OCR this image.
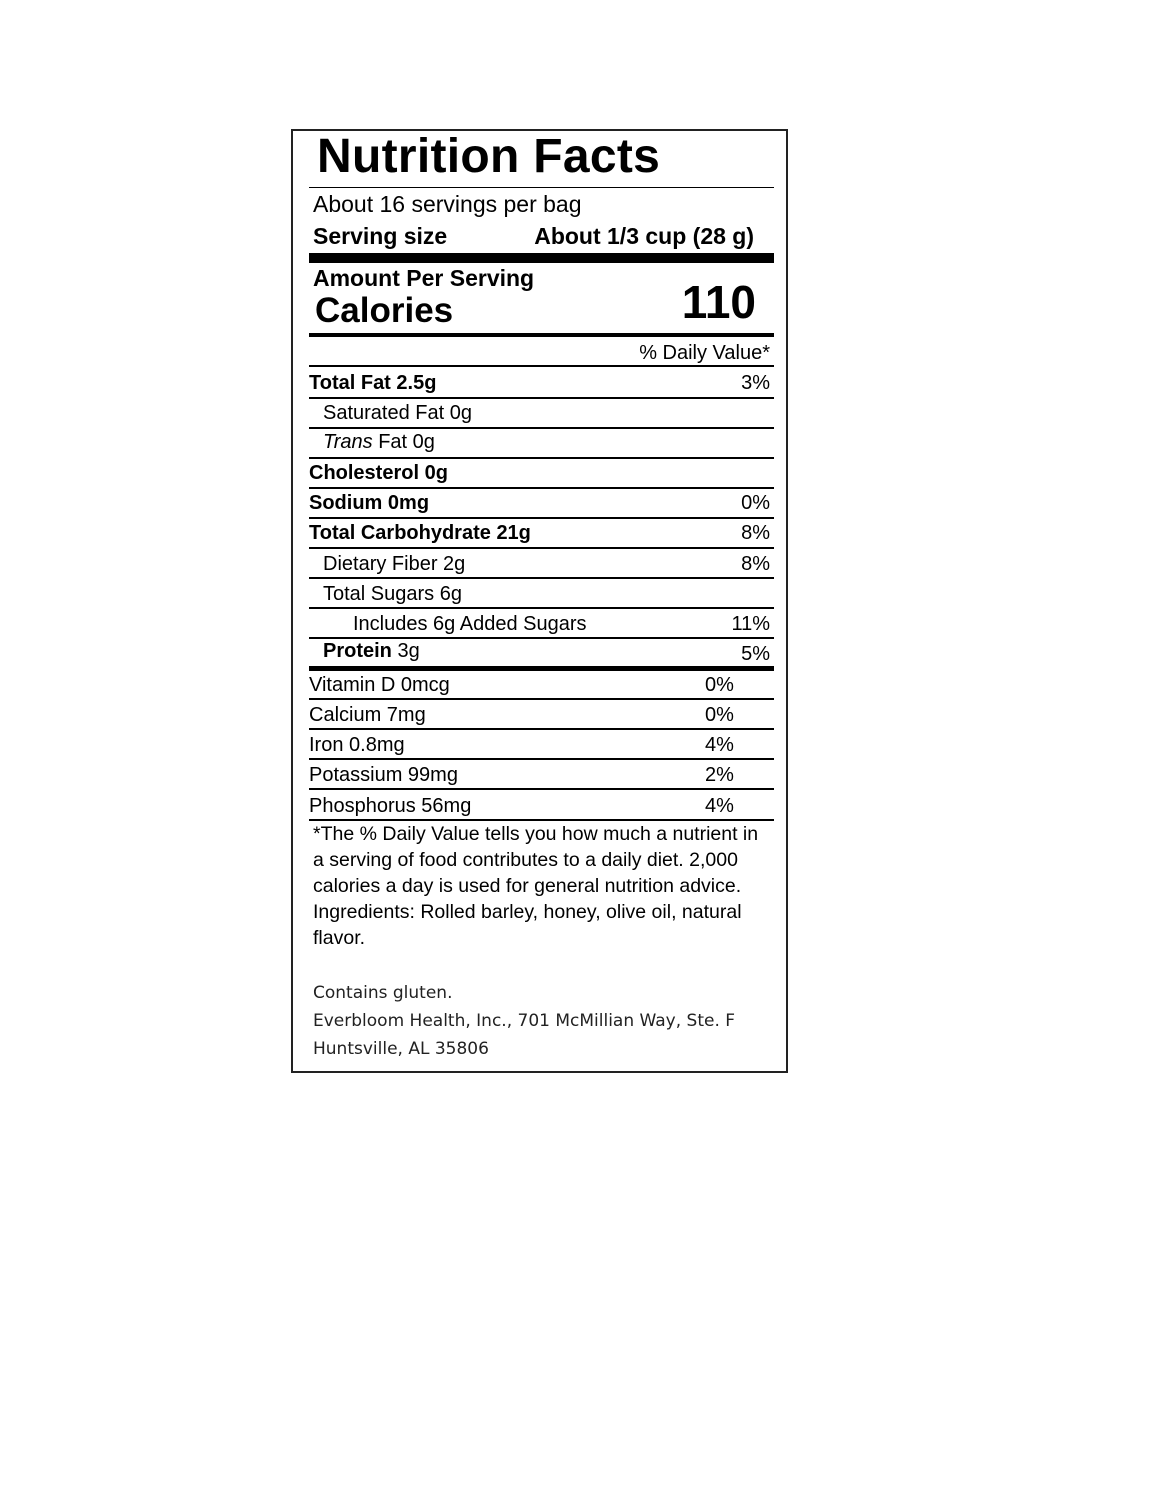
Nutrition Facts
About 16 servings per bag
Serving size	About 1/3 cup (28 g)
Amount Per Serving
Calories	110
% Daily Value*
Total Fat 2.5g	3%
Saturated Fat 0g
Trans Fat 0g
Cholesterol 0g
Sodium 0mg	0%
Total Carbohydrate 21g	8%
Dietary Fiber 2g	8%
Total Sugars 6g
Includes 6g Added Sugars	11%
Protein 3g	5%
Vitamin D 0mcg	0%
Calcium 7mg	0%
Iron 0.8mg	4%
Potassium 99mg	2%
Phosphorus 56mg	4%

*The % Daily Value tells you how much a nutrient in a serving of food contributes to a daily diet. 2,000 calories a day is used for general nutrition advice.

Ingredients: Rolled barley, honey, olive oil, natural flavor.

Contains gluten.
Everbloom Health, Inc., 701 McMillian Way, Ste. F
Huntsville, AL 35806
